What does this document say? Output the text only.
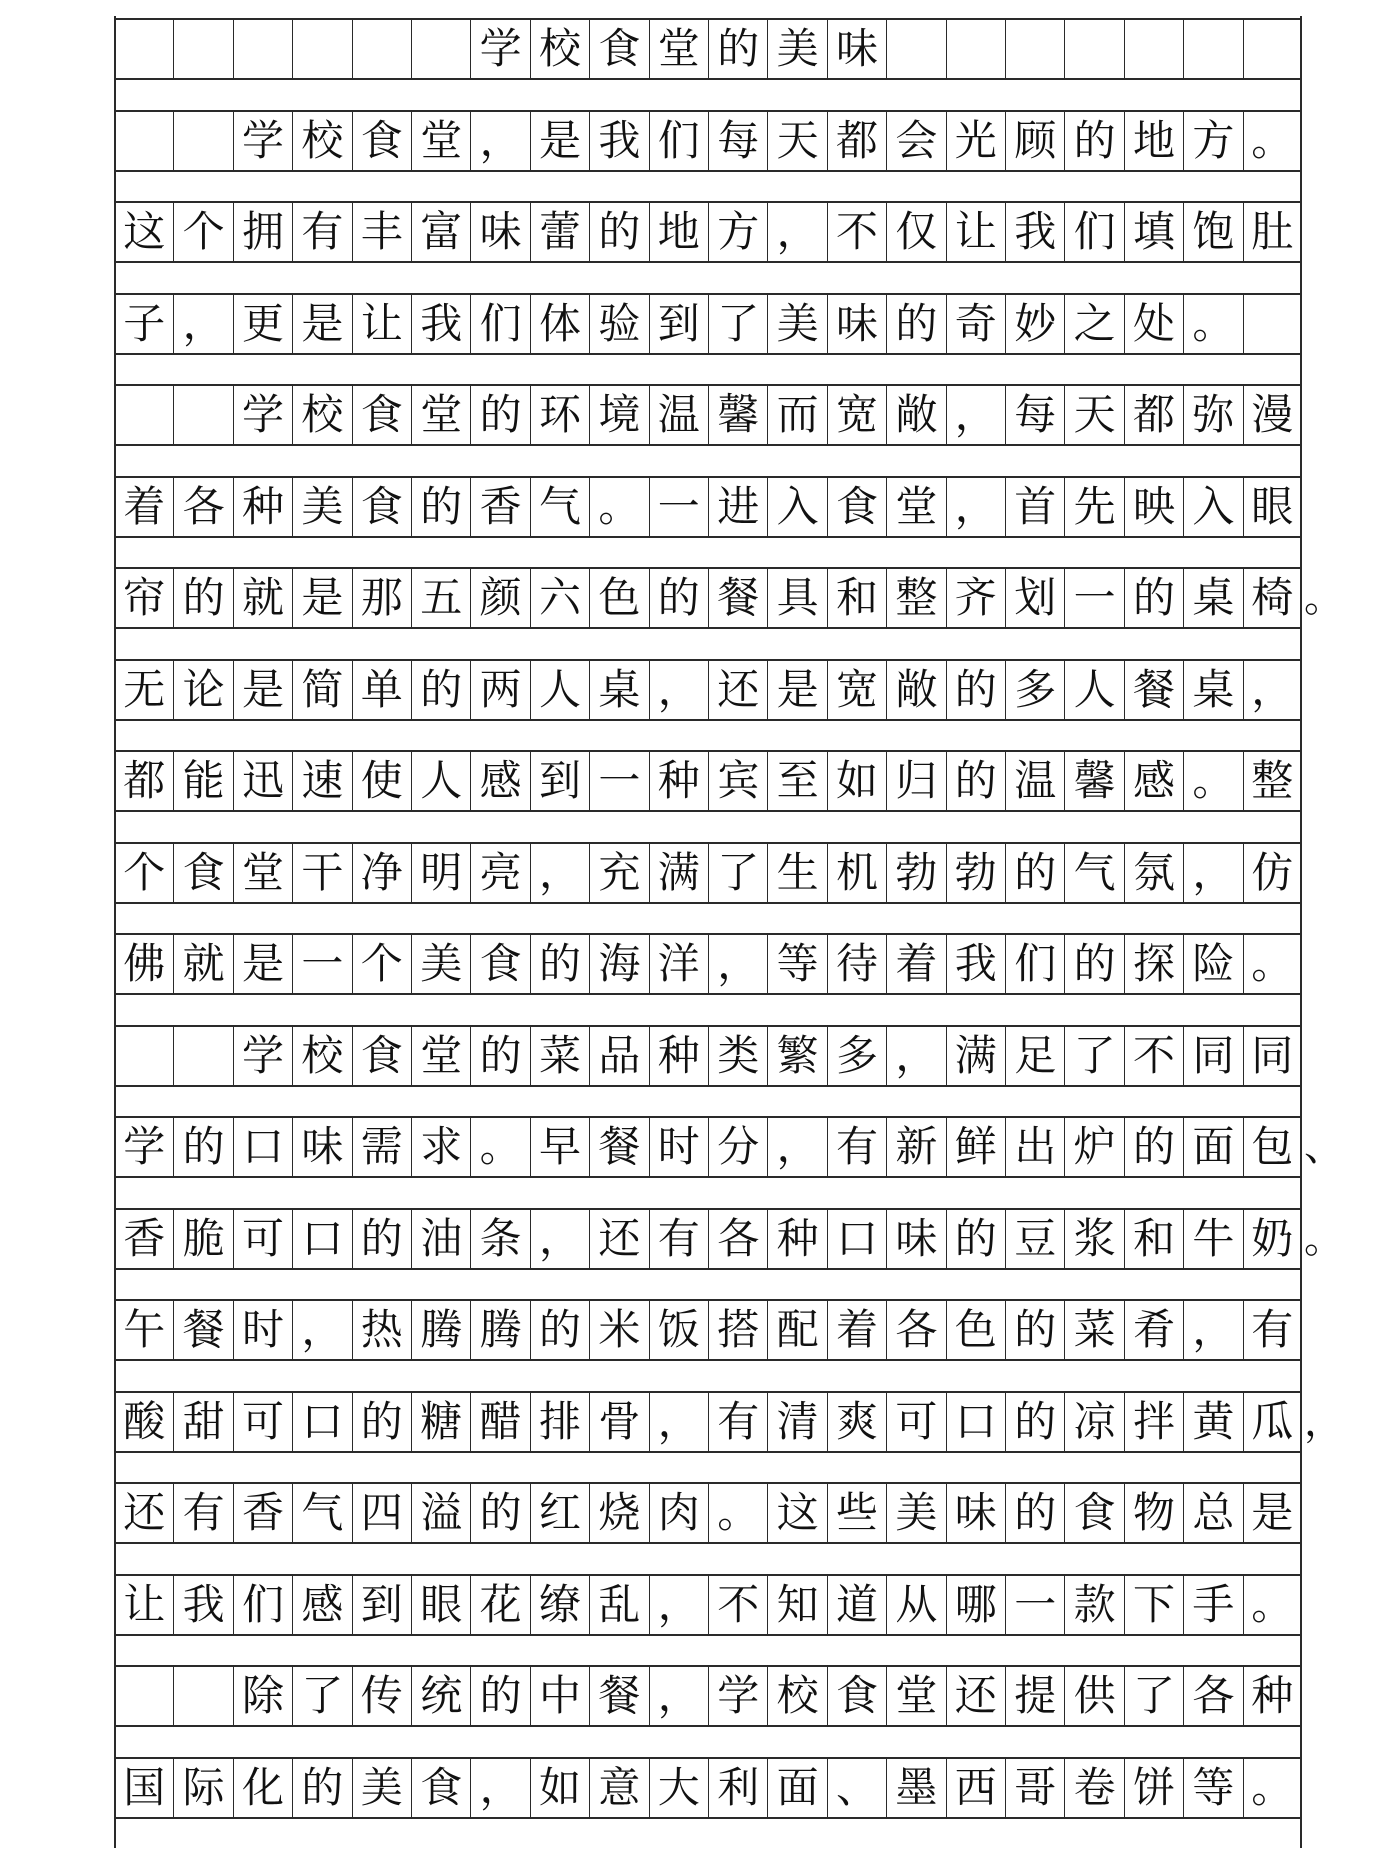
学 校 食 堂 的 美 味
学 校 食 堂 ， 是 我 们 每 天 都 会 光 顾 的 地 方 。
这 个 拥 有 丰 富 味 蕾 的 地 方 ， 不 仅 让 我 们 填 饱 肚
子 ， 更 是 让 我 们 体 验 到 了 美 味 的 奇 妙 之 处 。
学 校 食 堂 的 环 境 温 馨 而 宽 敞 ， 每 天 都 弥 漫
着 各 种 美 食 的 香 气 。 一 进 入 食 堂 ， 首 先 映 入 眼
帘 的 就 是 那 五 颜 六 色 的 餐 具 和 整 齐 划 一 的 桌 椅 。
无 论 是 简 单 的 两 人 桌 ， 还 是 宽 敞 的 多 人 餐 桌 ，
都 能 迅 速 使 人 感 到 一 种 宾 至 如 归 的 温 馨 感 。 整
个 食 堂 干 净 明 亮 ， 充 满 了 生 机 勃 勃 的 气 氛 ， 仿
佛 就 是 一 个 美 食 的 海 洋 ， 等 待 着 我 们 的 探 险 。
学 校 食 堂 的 菜 品 种 类 繁 多 ， 满 足 了 不 同 同
学 的 口 味 需 求 。 早 餐 时 分 ， 有 新 鲜 出 炉 的 面 包 、
香 脆 可 口 的 油 条 ， 还 有 各 种 口 味 的 豆 浆 和 牛 奶 。
午 餐 时 ， 热 腾 腾 的 米 饭 搭 配 着 各 色 的 菜 肴 ， 有
酸 甜 可 口 的 糖 醋 排 骨 ， 有 清 爽 可 口 的 凉 拌 黄 瓜 ，
还 有 香 气 四 溢 的 红 烧 肉 。 这 些 美 味 的 食 物 总 是
让 我 们 感 到 眼 花 缭 乱 ， 不 知 道 从 哪 一 款 下 手 。
除 了 传 统 的 中 餐 ， 学 校 食 堂 还 提 供 了 各 种
国 际 化 的 美 食 ， 如 意 大 利 面 、 墨 西 哥 卷 饼 等 。
